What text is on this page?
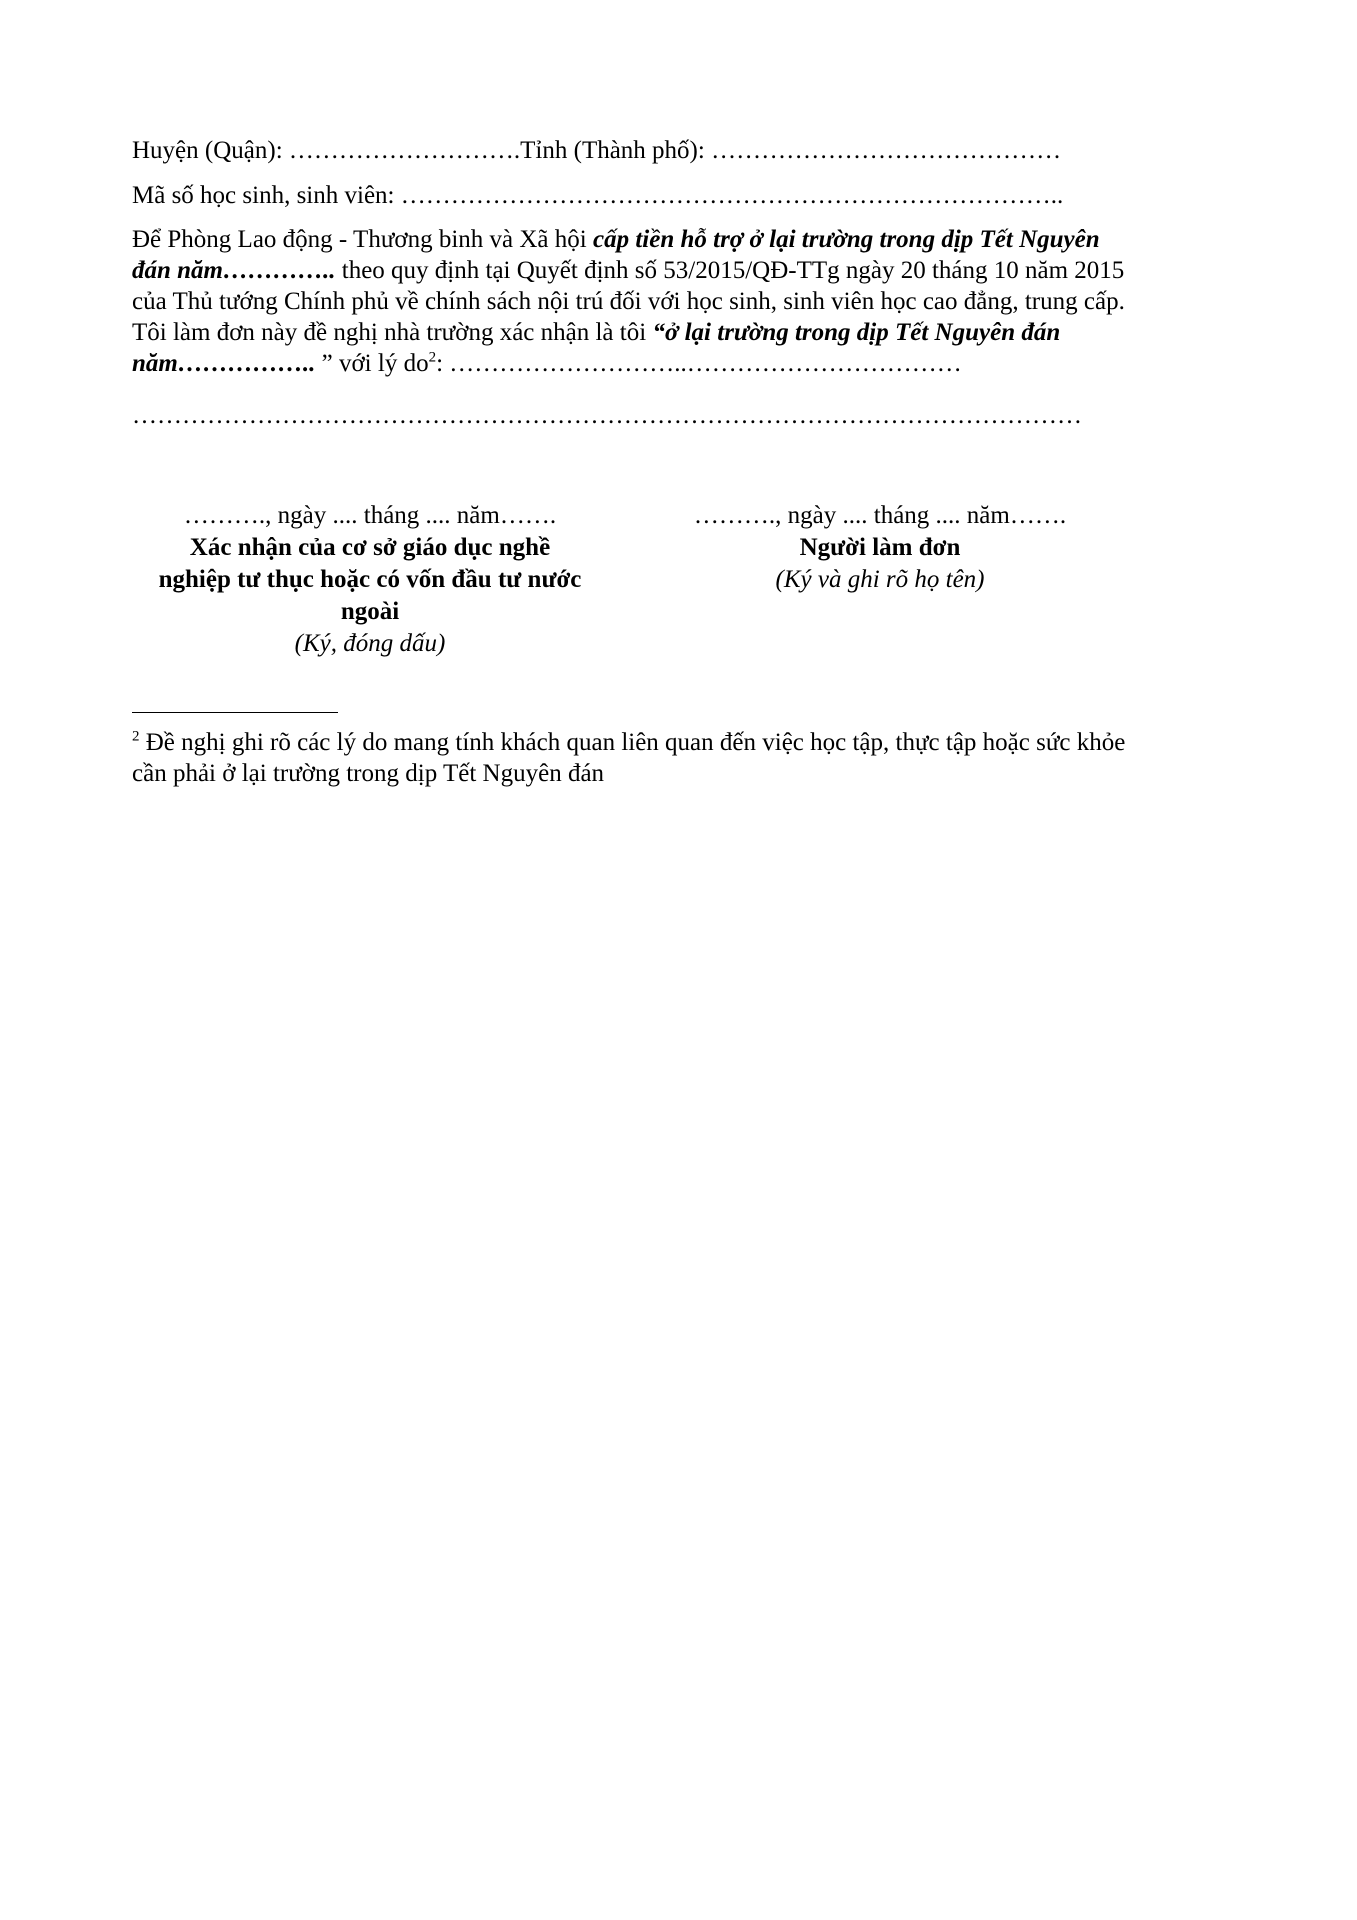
Huyện (Quận): ……………………….Tỉnh (Thành phố): ……………………………………
Mã số học sinh, sinh viên: ……………………………………………………………………..
Để Phòng Lao động - Thương binh và Xã hội cấp tiền hỗ trợ ở lại trường trong dịp Tết Nguyên
đán năm………….. theo quy định tại Quyết định số 53/2015/QĐ-TTg ngày 20 tháng 10 năm 2015
của Thủ tướng Chính phủ về chính sách nội trú đối với học sinh, sinh viên học cao đẳng, trung cấp.
Tôi làm đơn này đề nghị nhà trường xác nhận là tôi “ở lại trường trong dịp Tết Nguyên đán
năm…………….. ” với lý $do^2$: ………………………..……………………………
……………………………………………………………………………………………………
………., ngày .... tháng .... năm…….
Xác nhận của cơ sở giáo dục nghề
nghiệp tư thục hoặc có vốn đầu tư nước
ngoài
(Ký, đóng dấu)
………., ngày .... tháng .... năm…….
Người làm đơn
(Ký và ghi rõ họ tên)
$^2$ Đề nghị ghi rõ các lý do mang tính khách quan liên quan đến việc học tập, thực tập hoặc sức khỏe
cần phải ở lại trường trong dịp Tết Nguyên đán
